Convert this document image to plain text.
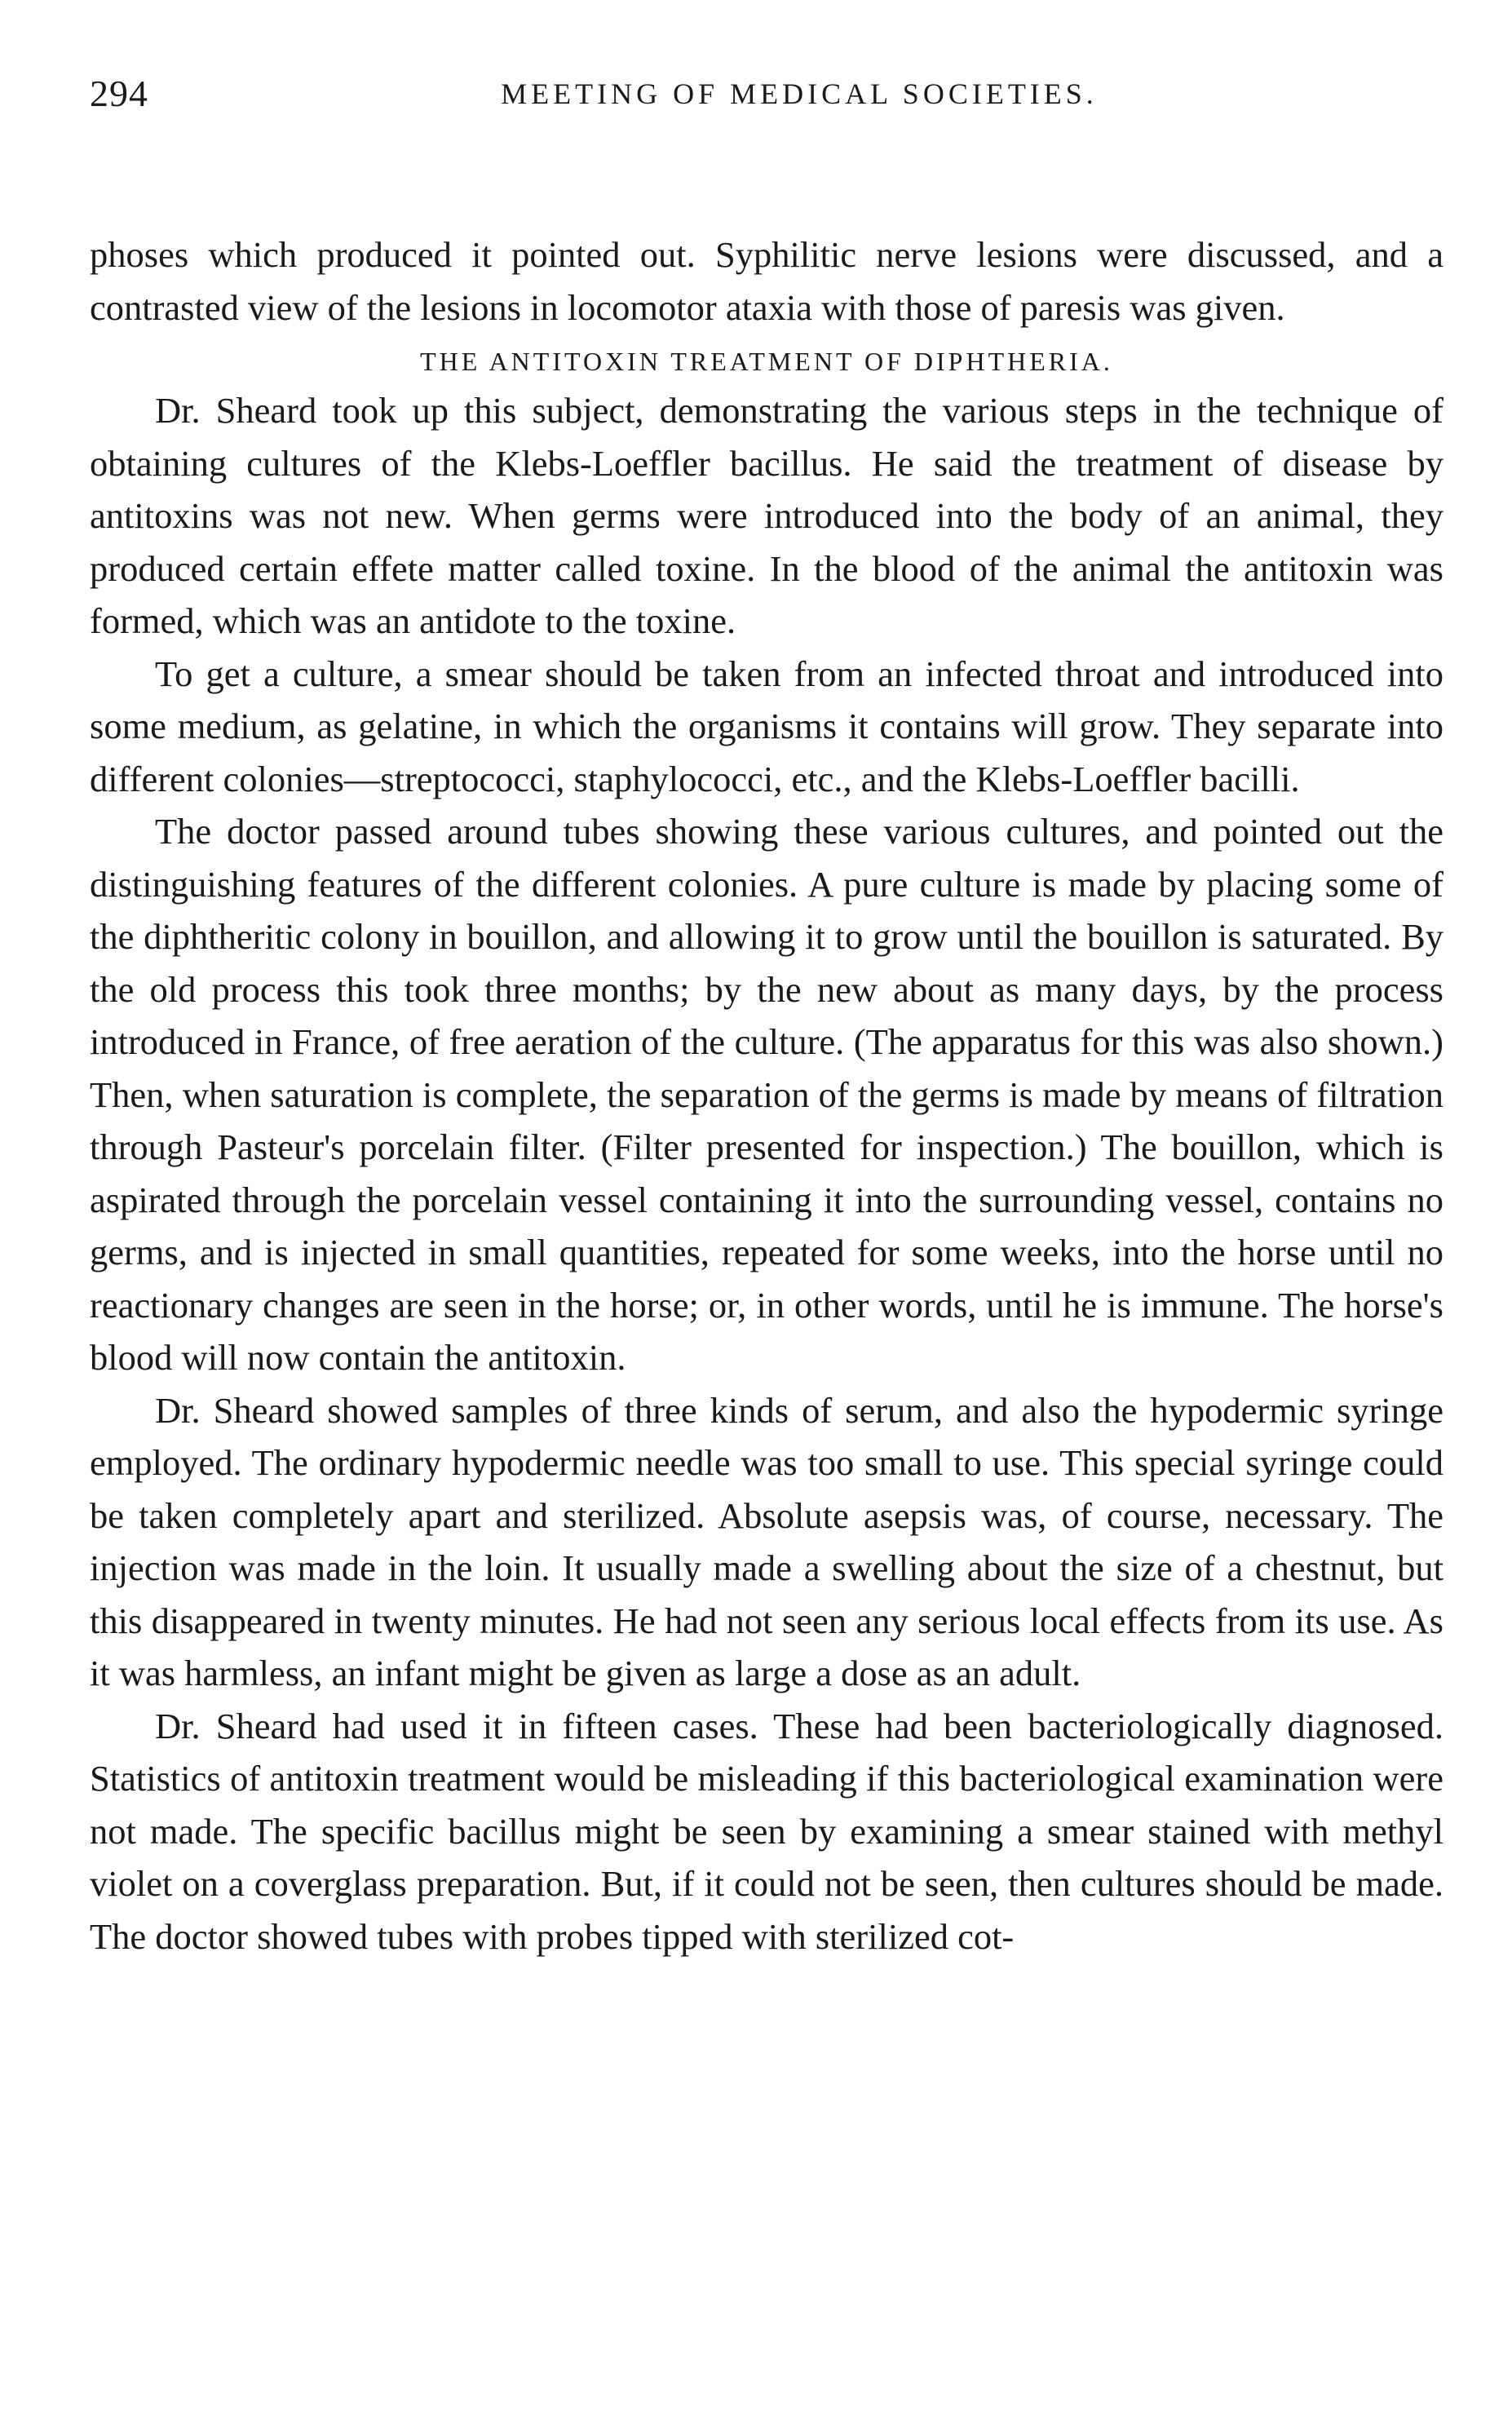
294	MEETING OF MEDICAL SOCIETIES.

phoses which produced it pointed out. Syphilitic nerve lesions were discussed, and a contrasted view of the lesions in locomotor ataxia with those of paresis was given.

THE ANTITOXIN TREATMENT OF DIPHTHERIA.

Dr. Sheard took up this subject, demonstrating the various steps in the technique of obtaining cultures of the Klebs-Loeffler bacillus. He said the treatment of disease by antitoxins was not new. When germs were introduced into the body of an animal, they produced certain effete matter called toxine. In the blood of the animal the antitoxin was formed, which was an antidote to the toxine.

To get a culture, a smear should be taken from an infected throat and introduced into some medium, as gelatine, in which the organisms it contains will grow. They separate into different colonies—streptococci, staphylococci, etc., and the Klebs-Loeffler bacilli.

The doctor passed around tubes showing these various cultures, and pointed out the distinguishing features of the different colonies. A pure culture is made by placing some of the diphtheritic colony in bouillon, and allowing it to grow until the bouillon is saturated. By the old process this took three months; by the new about as many days, by the process introduced in France, of free aeration of the culture. (The apparatus for this was also shown.) Then, when saturation is complete, the separation of the germs is made by means of filtration through Pasteur's porcelain filter. (Filter presented for inspection.) The bouillon, which is aspirated through the porcelain vessel containing it into the surrounding vessel, contains no germs, and is injected in small quantities, repeated for some weeks, into the horse until no reactionary changes are seen in the horse; or, in other words, until he is immune. The horse's blood will now contain the antitoxin.

Dr. Sheard showed samples of three kinds of serum, and also the hypodermic syringe employed. The ordinary hypodermic needle was too small to use. This special syringe could be taken completely apart and sterilized. Absolute asepsis was, of course, necessary. The injection was made in the loin. It usually made a swelling about the size of a chestnut, but this disappeared in twenty minutes. He had not seen any serious local effects from its use. As it was harmless, an infant might be given as large a dose as an adult.

Dr. Sheard had used it in fifteen cases. These had been bacteriologically diagnosed. Statistics of antitoxin treatment would be misleading if this bacteriological examination were not made. The specific bacillus might be seen by examining a smear stained with methyl violet on a coverglass preparation. But, if it could not be seen, then cultures should be made. The doctor showed tubes with probes tipped with sterilized cot-
